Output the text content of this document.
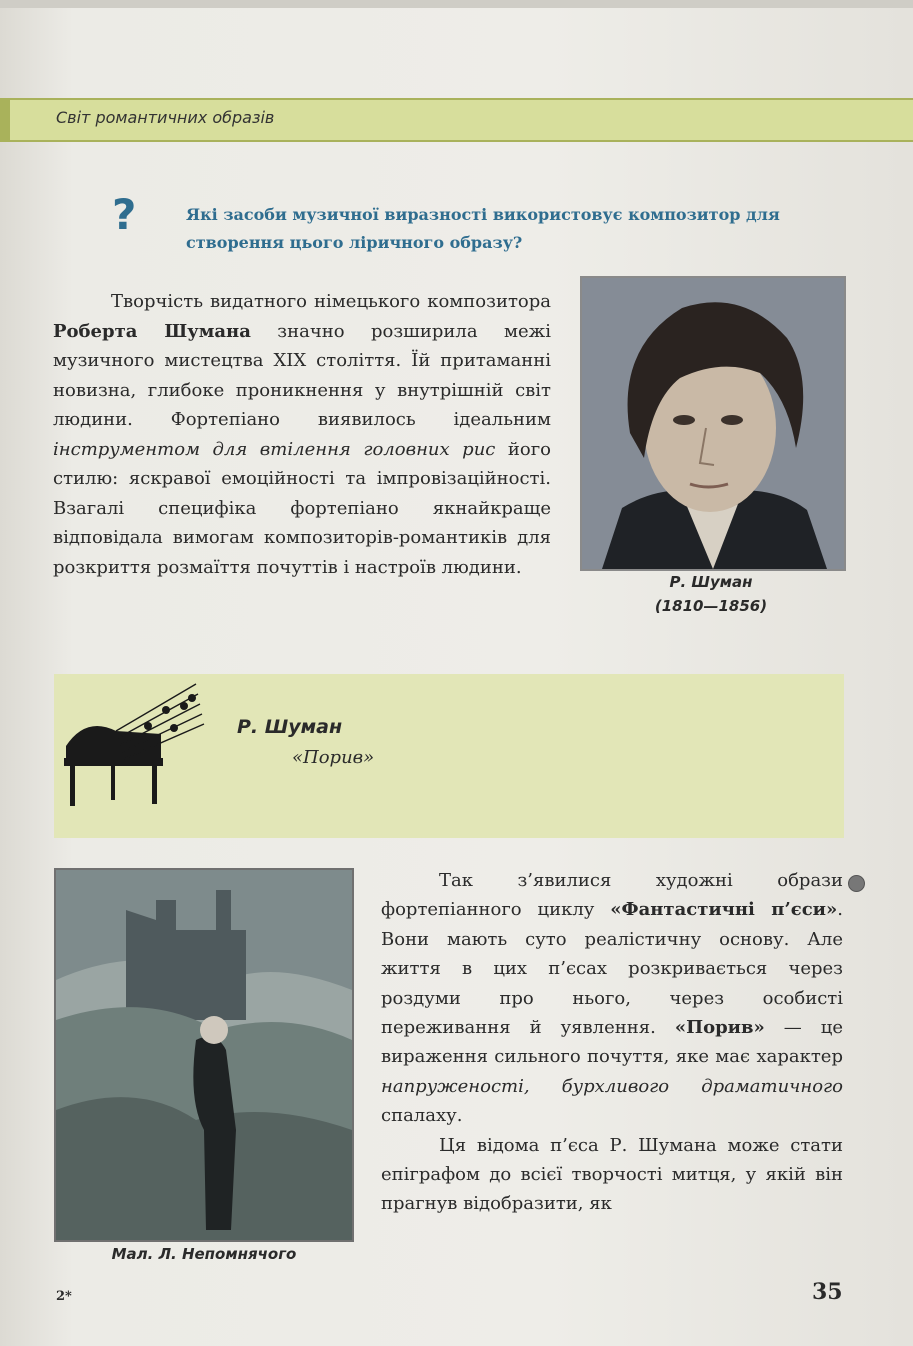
Світ романтичних образів
?	Які засоби музичної виразності використовує композитор для створення цього ліричного образу?
Творчість видатного німецького композитора Роберта Шумана значно розширила межі музичного мистецтва XIX століття. Їй притаманні новизна, глибоке проникнення у внутрішній світ людини. Фортепіано виявилось ідеальним інструментом для втілення головних рис його стилю: яскравої емоційності та імпровізаційності. Взагалі специфіка фортепіано якнайкраще відповідала вимогам композиторів-романтиків для розкриття розмаїття почуттів і настроїв людини.
Р. Шуман
(1810—1856)
Р. Шуман
«Порив»
Мал. Л. Непомнячого

Так з’явилися художні образи фортепіанного циклу «Фантастичні п’єси». Вони мають суто реалістичну основу. Але життя в цих п’єсах розкривається через роздуми про нього, через особисті переживання й уявлення. «Порив» — це вираження сильного почуття, яке має характер напруженості, бурхливого драматичного спалаху.

Ця відома п’єса Р. Шумана може стати епіграфом до всієї творчості митця, у якій він прагнув відобразити, як

2*	35
